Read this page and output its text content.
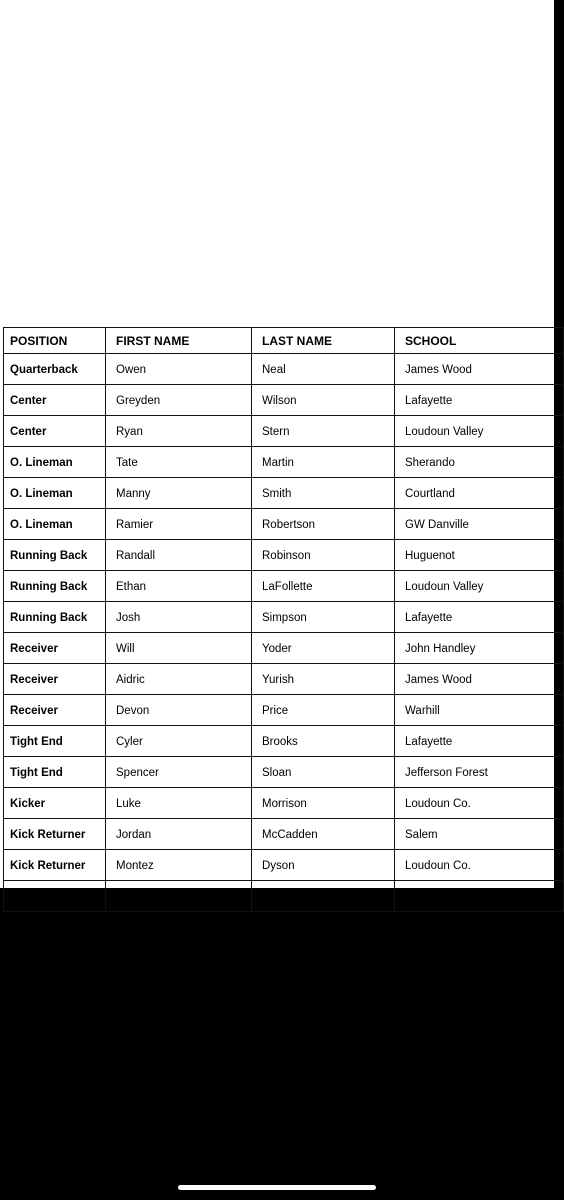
POSITION	FIRST NAME	LAST NAME	SCHOOL
Quarterback	Owen	Neal	James Wood
Center	Greyden	Wilson	Lafayette
Center	Ryan	Stern	Loudoun Valley
O. Lineman	Tate	Martin	Sherando
O. Lineman	Manny	Smith	Courtland
O. Lineman	Ramier	Robertson	GW Danville
Running Back	Randall	Robinson	Huguenot
Running Back	Ethan	LaFollette	Loudoun Valley
Running Back	Josh	Simpson	Lafayette
Receiver	Will	Yoder	John Handley
Receiver	Aidric	Yurish	James Wood
Receiver	Devon	Price	Warhill
Tight End	Cyler	Brooks	Lafayette
Tight End	Spencer	Sloan	Jefferson Forest
Kicker	Luke	Morrison	Loudoun Co.
Kick Returner	Jordan	McCadden	Salem
Kick Returner	Montez	Dyson	Loudoun Co.
O. All-Purpose	Casey	Lassiter	Hampton
